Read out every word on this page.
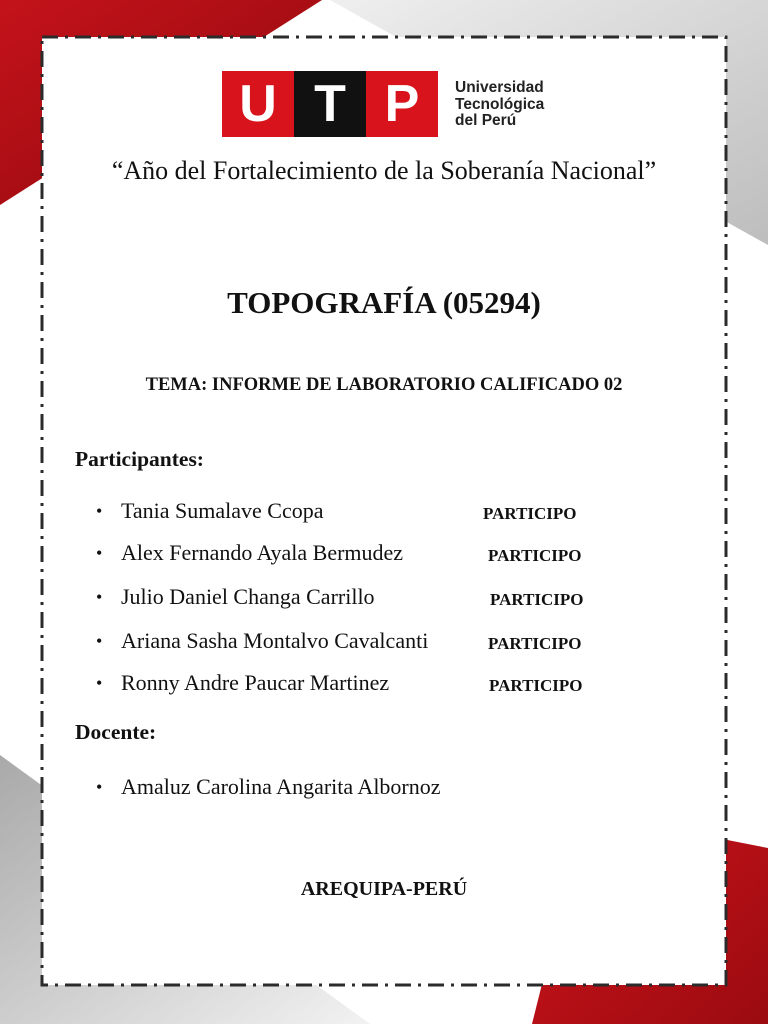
U T P	Universidad
Tecnológica
del Perú
“Año del Fortalecimiento de la Soberanía Nacional”
TOPOGRAFÍA (05294)
TEMA: INFORME DE LABORATORIO CALIFICADO 02
Participantes:
• Tania Sumalave Ccopa	PARTICIPO
• Alex Fernando Ayala Bermudez	PARTICIPO
• Julio Daniel Changa Carrillo	PARTICIPO
• Ariana Sasha Montalvo Cavalcanti	PARTICIPO
• Ronny Andre Paucar Martinez	PARTICIPO
Docente:
• Amaluz Carolina Angarita Albornoz
AREQUIPA-PERÚ
